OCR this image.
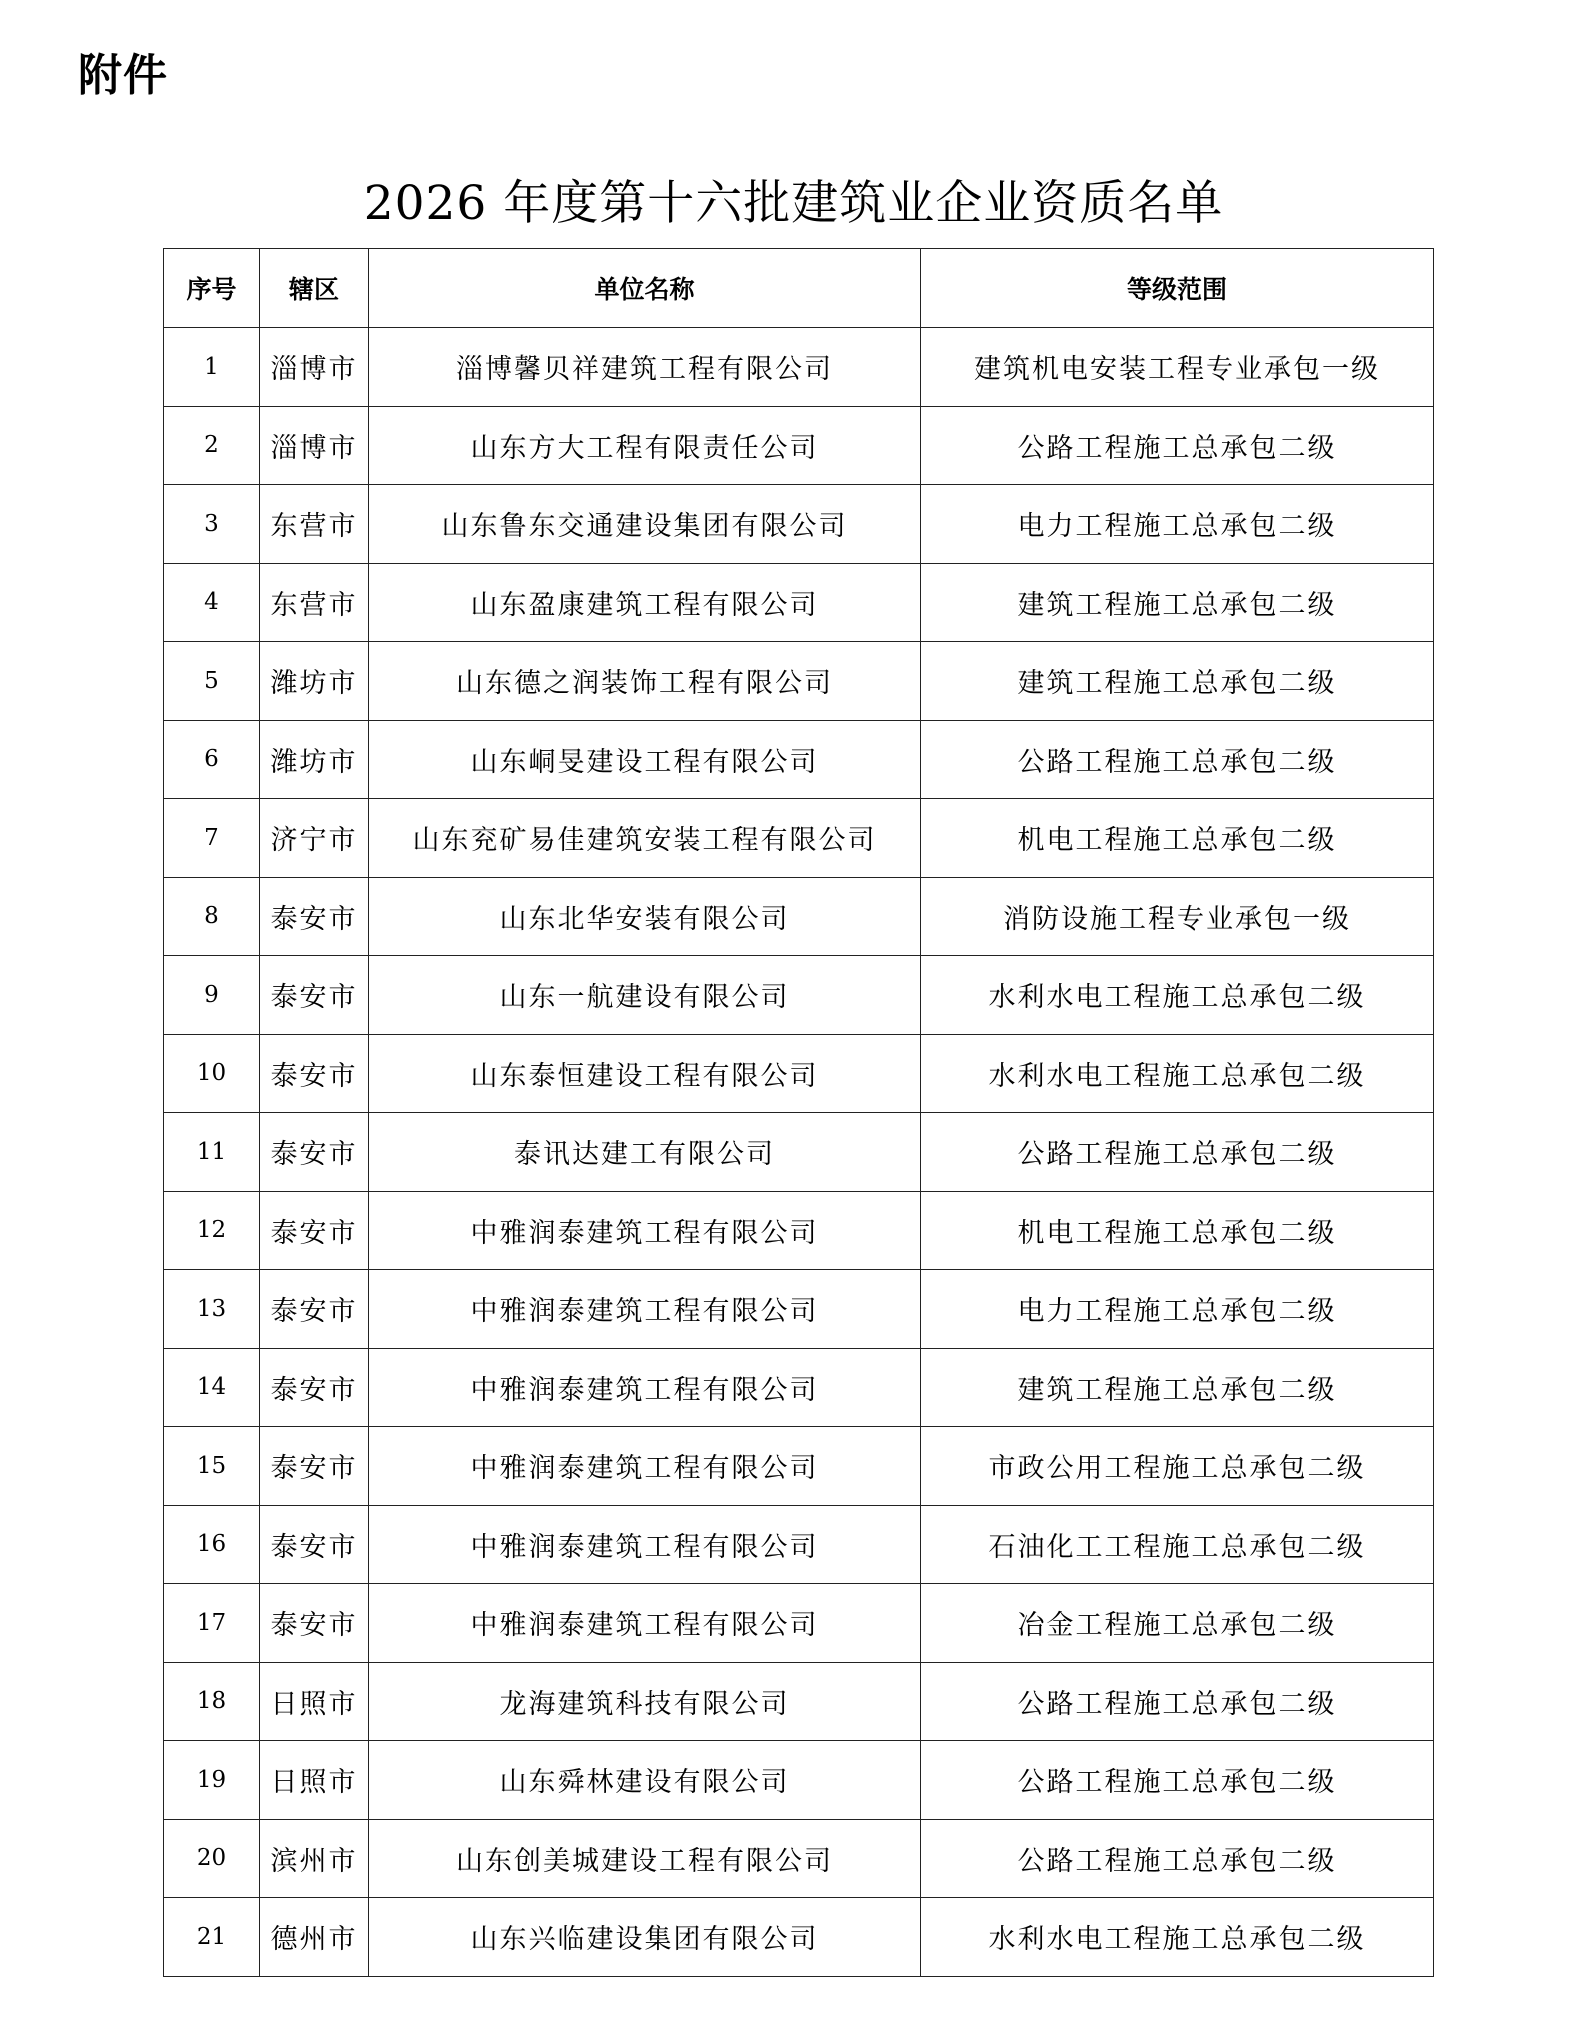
附件
2026 年度第十六批建筑业企业资质名单
序号	辖区	单位名称	等级范围
1	淄博市	淄博馨贝祥建筑工程有限公司	建筑机电安装工程专业承包一级
2	淄博市	山东方大工程有限责任公司	公路工程施工总承包二级
3	东营市	山东鲁东交通建设集团有限公司	电力工程施工总承包二级
4	东营市	山东盈康建筑工程有限公司	建筑工程施工总承包二级
5	潍坊市	山东德之润装饰工程有限公司	建筑工程施工总承包二级
6	潍坊市	山东峒旻建设工程有限公司	公路工程施工总承包二级
7	济宁市	山东兖矿易佳建筑安装工程有限公司	机电工程施工总承包二级
8	泰安市	山东北华安装有限公司	消防设施工程专业承包一级
9	泰安市	山东一航建设有限公司	水利水电工程施工总承包二级
10	泰安市	山东泰恒建设工程有限公司	水利水电工程施工总承包二级
11	泰安市	泰讯达建工有限公司	公路工程施工总承包二级
12	泰安市	中雅润泰建筑工程有限公司	机电工程施工总承包二级
13	泰安市	中雅润泰建筑工程有限公司	电力工程施工总承包二级
14	泰安市	中雅润泰建筑工程有限公司	建筑工程施工总承包二级
15	泰安市	中雅润泰建筑工程有限公司	市政公用工程施工总承包二级
16	泰安市	中雅润泰建筑工程有限公司	石油化工工程施工总承包二级
17	泰安市	中雅润泰建筑工程有限公司	冶金工程施工总承包二级
18	日照市	龙海建筑科技有限公司	公路工程施工总承包二级
19	日照市	山东舜林建设有限公司	公路工程施工总承包二级
20	滨州市	山东创美城建设工程有限公司	公路工程施工总承包二级
21	德州市	山东兴临建设集团有限公司	水利水电工程施工总承包二级
